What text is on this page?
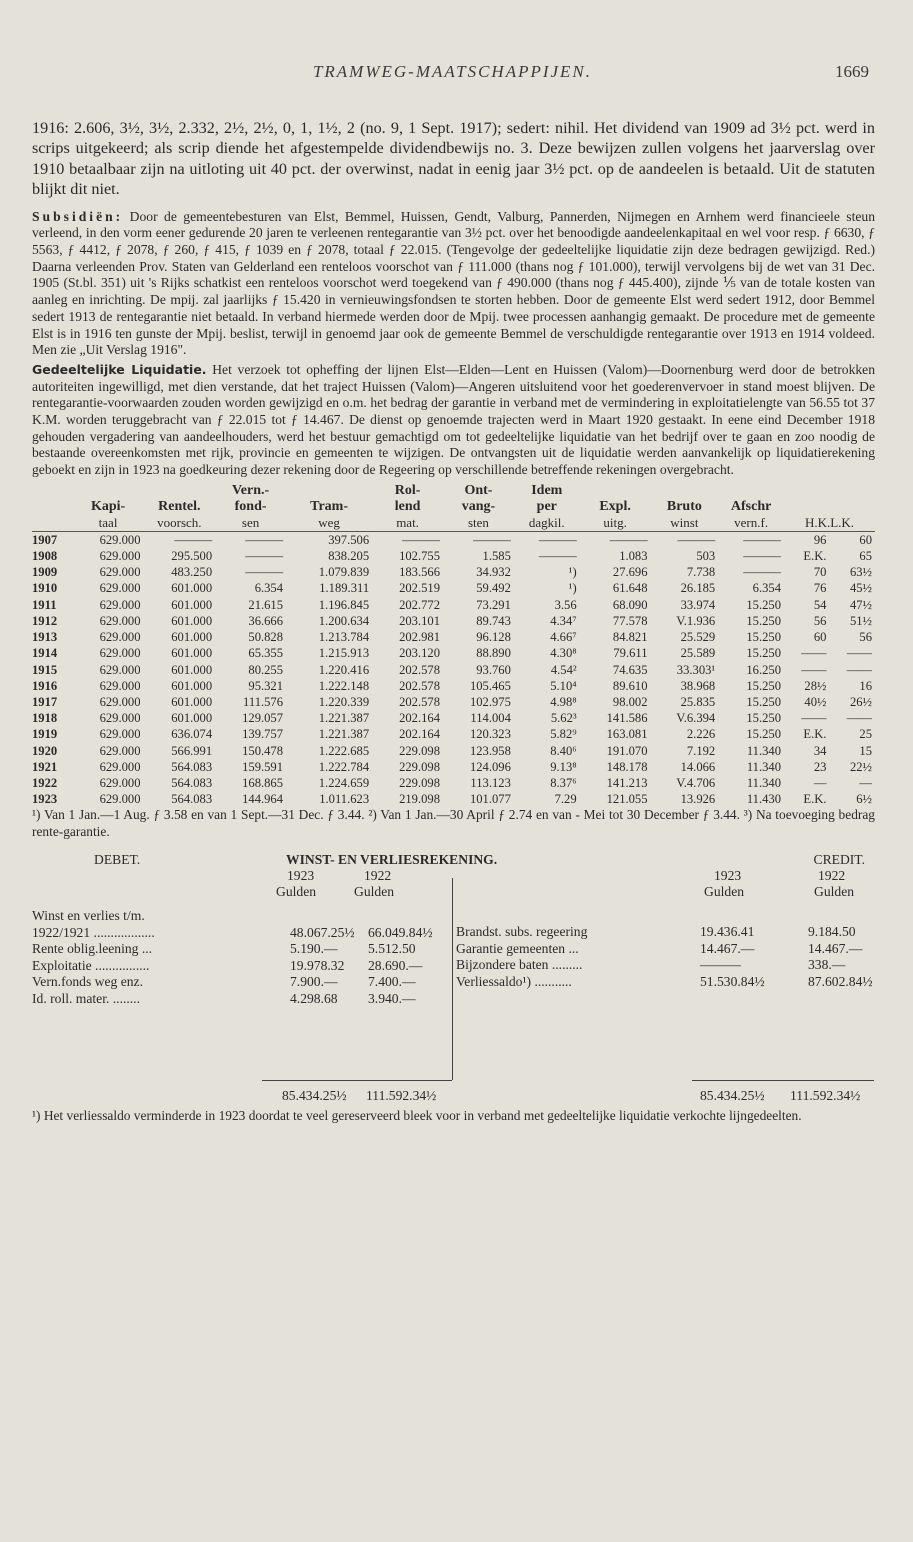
TRAMWEG-MAATSCHAPPIJEN.	1669

1916: 2.606, 3½, 3½, 2.332, 2½, 2½, 0, 1, 1½, 2 (no. 9, 1 Sept. 1917); sedert: nihil. Het dividend van 1909 ad 3½ pct. werd in scrips uitgekeerd; als scrip diende het afgestempelde dividendbewijs no. 3. Deze bewijzen zullen volgens het jaarverslag over 1910 betaalbaar zijn na uitloting uit 40 pct. der overwinst, nadat in eenig jaar 3½ pct. op de aandeelen is betaald. Uit de statuten blijkt dit niet.

Subsidiën: Door de gemeentebesturen van Elst, Bemmel, Huissen, Gendt, Valburg, Pannerden, Nijmegen en Arnhem werd financieele steun verleend, in den vorm eener gedurende 20 jaren te verleenen rentegarantie van 3½ pct. over het benoodigde aandeelenkapitaal en wel voor resp. ƒ 6630, ƒ 5563, ƒ 4412, ƒ 2078, ƒ 260, ƒ 415, ƒ 1039 en ƒ 2078, totaal ƒ 22.015. (Tengevolge der gedeeltelijke liquidatie zijn deze bedragen gewijzigd. Red.) Daarna verleenden Prov. Staten van Gelderland een renteloos voorschot van ƒ 111.000 (thans nog ƒ 101.000), terwijl vervolgens bij de wet van 31 Dec. 1905 (St.bl. 351) uit 's Rijks schatkist een renteloos voorschot werd toegekend van ƒ 490.000 (thans nog ƒ 445.400), zijnde ⅕ van de totale kosten van aanleg en inrichting. De mpij. zal jaarlijks ƒ 15.420 in vernieuwingsfondsen te storten hebben. Door de gemeente Elst werd sedert 1912, door Bemmel sedert 1913 de rentegarantie niet betaald. In verband hiermede werden door de Mpij. twee processen aanhangig gemaakt. De procedure met de gemeente Elst is in 1916 ten gunste der Mpij. beslist, terwijl in genoemd jaar ook de gemeente Bemmel de verschuldigde rentegarantie over 1913 en 1914 voldeed. Men zie „Uit Verslag 1916".

Gedeeltelijke Liquidatie. Het verzoek tot opheffing der lijnen Elst—Elden—Lent en Huissen (Valom)—Doornenburg werd door de betrokken autoriteiten ingewilligd, met dien verstande, dat het traject Huissen (Valom)—Angeren uitsluitend voor het goederenvervoer in stand moest blijven. De rentegarantie-voorwaarden zouden worden gewijzigd en o.m. het bedrag der garantie in verband met de vermindering in exploitatielengte van 56.55 tot 37 K.M. worden teruggebracht van ƒ 22.015 tot ƒ 14.467. De dienst op genoemde trajecten werd in Maart 1920 gestaakt. In eene eind December 1918 gehouden vergadering van aandeelhouders, werd het bestuur gemachtigd om tot gedeeltelijke liquidatie van het bedrijf over te gaan en zoo noodig de bestaande overeenkomsten met rijk, provincie en gemeenten te wijzigen. De ontvangsten uit de liquidatie werden aanvankelijk op liquidatierekening geboekt en zijn in 1923 na goedkeuring dezer rekening door de Regeering op verschillende betreffende rekeningen overgebracht.

			Vern.-		Rol-	Ont-	Idem					
	Kapi-	Rentel.	fond-	Tram-	lend	vang-	per	Expl.	Bruto	Afschr		
	taal	voorsch.	sen	weg	mat.	sten	dagkil.	uitg.	winst	vern.f.	H.K.L.K.	

1907	629.000	———	———	397.506	———	———	———	———	———	———	96	60
1908	629.000	295.500	———	838.205	102.755	1.585	———	1.083	503	———	E.K.	65
1909	629.000	483.250	———	1.079.839	183.566	34.932	¹)	27.696	7.738	———	70	63½
1910	629.000	601.000	6.354	1.189.311	202.519	59.492	¹)	61.648	26.185	6.354	76	45½
1911	629.000	601.000	21.615	1.196.845	202.772	73.291	3.56	68.090	33.974	15.250	54	47½
1912	629.000	601.000	36.666	1.200.634	203.101	89.743	4.34⁷	77.578	V.1.936	15.250	56	51½
1913	629.000	601.000	50.828	1.213.784	202.981	96.128	4.66⁷	84.821	25.529	15.250	60	56
1914	629.000	601.000	65.355	1.215.913	203.120	88.890	4.30⁸	79.611	25.589	15.250	——	——
1915	629.000	601.000	80.255	1.220.416	202.578	93.760	4.54²	74.635	33.303¹	16.250	——	——
1916	629.000	601.000	95.321	1.222.148	202.578	105.465	5.10⁴	89.610	38.968	15.250	28½	16
1917	629.000	601.000	111.576	1.220.339	202.578	102.975	4.98⁸	98.002	25.835	15.250	40½	26½
1918	629.000	601.000	129.057	1.221.387	202.164	114.004	5.62³	141.586	V.6.394	15.250	——	——
1919	629.000	636.074	139.757	1.221.387	202.164	120.323	5.82⁹	163.081	2.226	15.250	E.K.	25
1920	629.000	566.991	150.478	1.222.685	229.098	123.958	8.40⁶	191.070	7.192	11.340	34	15
1921	629.000	564.083	159.591	1.222.784	229.098	124.096	9.13⁸	148.178	14.066	11.340	23	22½
1922	629.000	564.083	168.865	1.224.659	229.098	113.123	8.37⁶	141.213	V.4.706	11.340	—	—
1923	629.000	564.083	144.964	1.011.623	219.098	101.077	7.29	121.055	13.926	11.430	E.K.	6½

¹) Van 1 Jan.—1 Aug. ƒ 3.58 en van 1 Sept.—31 Dec. ƒ 3.44. ²) Van 1 Jan.—30 April ƒ 2.74 en van - Mei tot 30 December ƒ 3.44. ³) Na toevoeging bedrag rente-garantie.

DEBET.	WINST- EN VERLIESREKENING.	CREDIT.
1923	1922
Gulden	Gulden
1923	1922
Gulden	Gulden
Winst en verlies t/m.
1922/1921 ..................	48.067.25½ 66.049.84½
Rente oblig.leening ...	5.190.— 5.512.50
Exploitatie ................	19.978.32 28.690.—
Vern.fonds weg enz.	7.900.— 7.400.—
Id. roll. mater. ........	4.298.68 3.940.—
Brandst. subs. regeering	19.436.41	9.184.50
Garantie gemeenten ...	14.467.—	14.467.—
Bijzondere baten .........	———	338.—
Verliessaldo¹) ...........	51.530.84½	87.602.84½
85.434.25½ 111.592.34½	85.434.25½ 111.592.34½

¹) Het verliessaldo verminderde in 1923 doordat te veel gereserveerd bleek voor in verband met gedeeltelijke liquidatie verkochte lijngedeelten.
